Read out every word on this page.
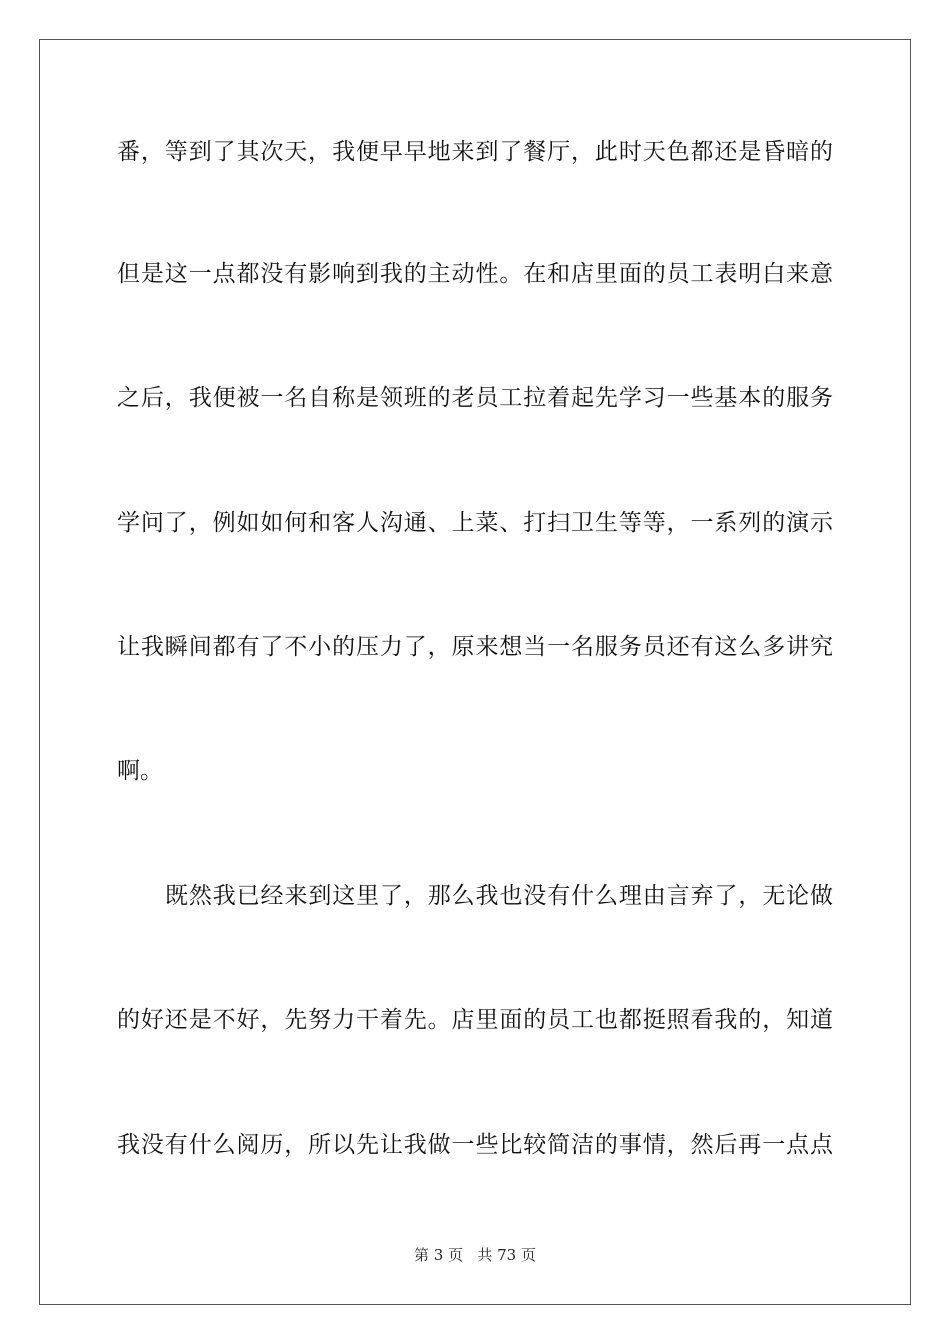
番，等到了其次天，我便早早地来到了餐厅，此时天色都还是昏暗的
但是这一点都没有影响到我的主动性。在和店里面的员工表明白来意
之后，我便被一名自称是领班的老员工拉着起先学习一些基本的服务
学问了，例如如何和客人沟通、上菜、打扫卫生等等，一系列的演示
让我瞬间都有了不小的压力了，原来想当一名服务员还有这么多讲究
啊。
既然我已经来到这里了，那么我也没有什么理由言弃了，无论做
的好还是不好，先努力干着先。店里面的员工也都挺照看我的，知道
我没有什么阅历，所以先让我做一些比较简洁的事情，然后再一点点
第 3 页   共 73 页
